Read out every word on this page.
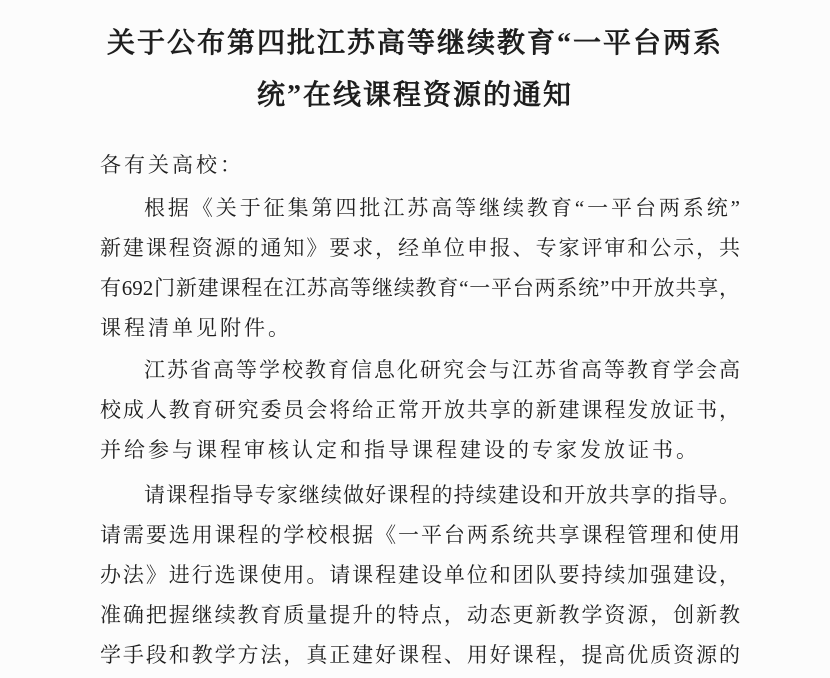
关于公布第四批江苏高等继续教育“一平台两系
统”在线课程资源的通知
各有关高校：
根据《关于征集第四批江苏高等继续教育“一平台两系统”
新建课程资源的通知》要求，经单位申报、专家评审和公示，共
有692门新建课程在江苏高等继续教育“一平台两系统”中开放共享，
课程清单见附件。
江苏省高等学校教育信息化研究会与江苏省高等教育学会高
校成人教育研究委员会将给正常开放共享的新建课程发放证书，
并给参与课程审核认定和指导课程建设的专家发放证书。
请课程指导专家继续做好课程的持续建设和开放共享的指导。
请需要选用课程的学校根据《一平台两系统共享课程管理和使用
办法》进行选课使用。请课程建设单位和团队要持续加强建设，
准确把握继续教育质量提升的特点，动态更新教学资源，创新教
学手段和教学方法，真正建好课程、用好课程，提高优质资源的
